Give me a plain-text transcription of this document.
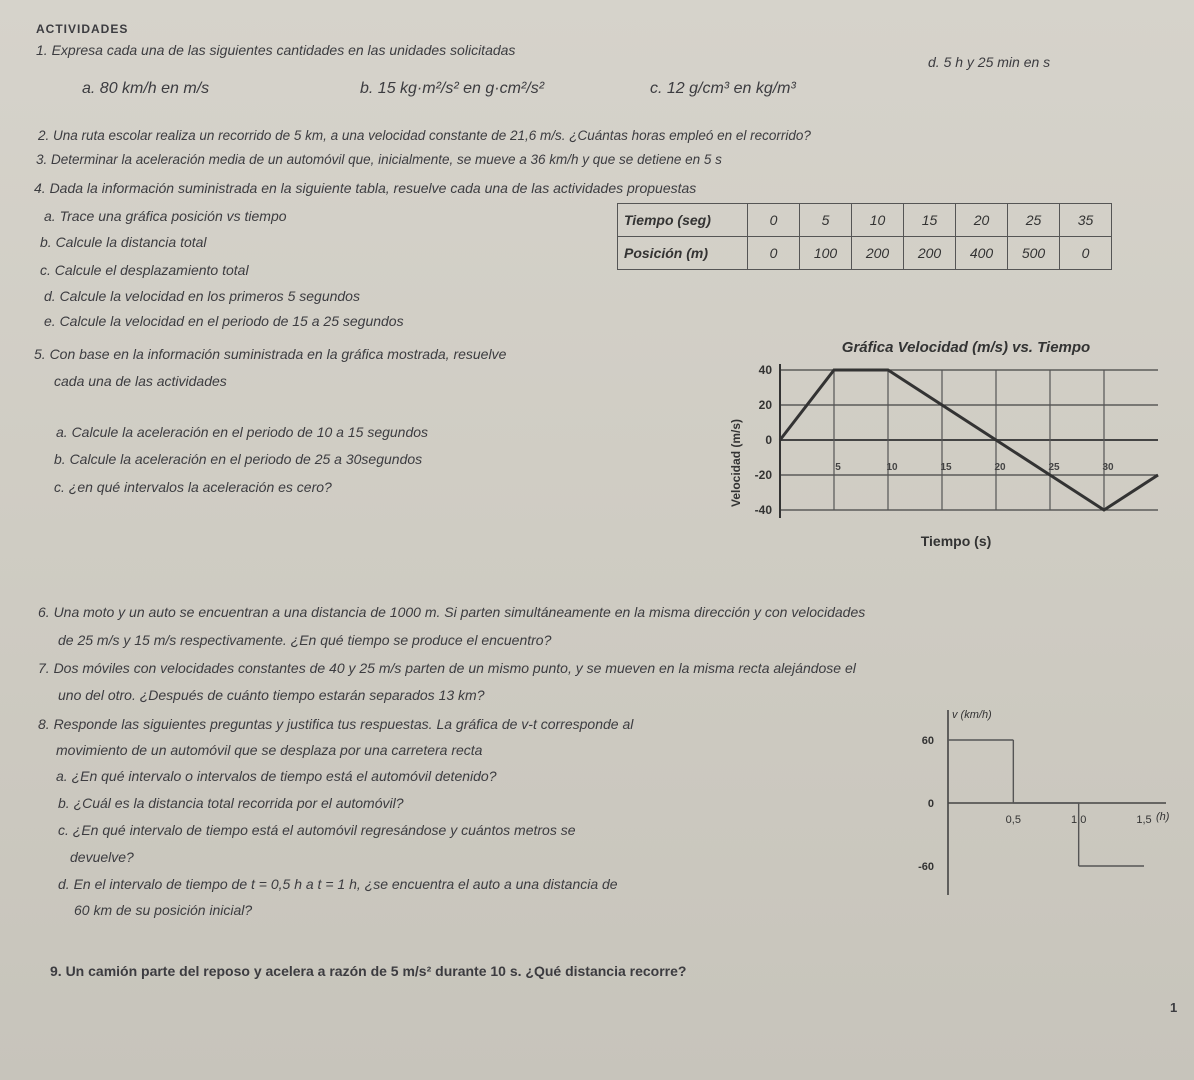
ACTIVIDADES
1. Expresa cada una de las siguientes cantidades en las unidades solicitadas
a. 80 km/h en m/s	b. 15 kg·m²/s² en g·cm²/s²	c. 12 g/cm³ en kg/m³
d. 5 h y 25 min en s
2. Una ruta escolar realiza un recorrido de 5 km, a una velocidad constante de 21,6 m/s. ¿Cuántas horas empleó en el recorrido?
3. Determinar la aceleración media de un automóvil que, inicialmente, se mueve a 36 km/h y que se detiene en 5 s
4. Dada la información suministrada en la siguiente tabla, resuelve cada una de las actividades propuestas
a. Trace una gráfica posición vs tiempo
b. Calcule la distancia total
c. Calcule el desplazamiento total
d. Calcule la velocidad en los primeros 5 segundos
e. Calcule la velocidad en el periodo de 15 a 25 segundos
Tiempo (seg)	0	5	10	15	20	25	35
Posición (m)	0	100	200	200	400	500	0
5. Con base en la información suministrada en la gráfica mostrada, resuelve
cada una de las actividades
a. Calcule la aceleración en el periodo de 10 a 15 segundos
b. Calcule la aceleración en el periodo de 25 a 30segundos
c. ¿en qué intervalos la aceleración es cero?
Gráfica Velocidad (m/s) vs. Tiempo
Velocidad (m/s)
Tiempo (s)
40
20
0
-20
-40
5	10	15	20	25	30
6. Una moto y un auto se encuentran a una distancia de 1000 m. Si parten simultáneamente en la misma dirección y con velocidades
de 25 m/s y 15 m/s respectivamente. ¿En qué tiempo se produce el encuentro?
7. Dos móviles con velocidades constantes de 40 y 25 m/s parten de un mismo punto, y se mueven en la misma recta alejándose el
uno del otro. ¿Después de cuánto tiempo estarán separados 13 km?
8. Responde las siguientes preguntas y justifica tus respuestas. La gráfica de v-t corresponde al
movimiento de un automóvil que se desplaza por una carretera recta
a. ¿En qué intervalo o intervalos de tiempo está el automóvil detenido?
b. ¿Cuál es la distancia total recorrida por el automóvil?
c. ¿En qué intervalo de tiempo está el automóvil regresándose y cuántos metros se
devuelve?
d. En el intervalo de tiempo de t = 0,5 h a t = 1 h, ¿se encuentra el auto a una distancia de
60 km de su posición inicial?
v (km/h)
(h)
60
0
-60
0,5	1,0	1,5
9. Un camión parte del reposo y acelera a razón de 5 m/s² durante 10 s. ¿Qué distancia recorre?
1
